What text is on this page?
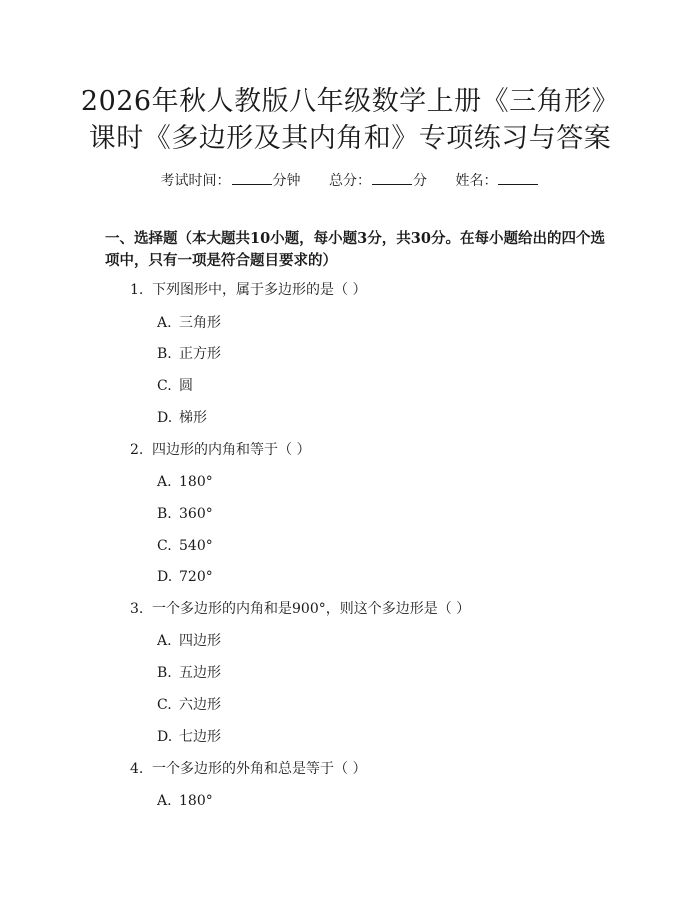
2026年秋人教版八年级数学上册《三角形》
课时《多边形及其内角和》专项练习与答案
考试时间：	分钟 总分：	分 姓名：
一、选择题（本大题共10小题，每小题3分，共30分。在每小题给出的四个选项中，只有一项是符合题目要求的）
1. 下列图形中，属于多边形的是（ ）
A. 三角形
B. 正方形
C. 圆
D. 梯形
2. 四边形的内角和等于（ ）
A. 180°
B. 360°
C. 540°
D. 720°
3. 一个多边形的内角和是900°，则这个多边形是（ ）
A. 四边形
B. 五边形
C. 六边形
D. 七边形
4. 一个多边形的外角和总是等于（ ）
A. 180°
